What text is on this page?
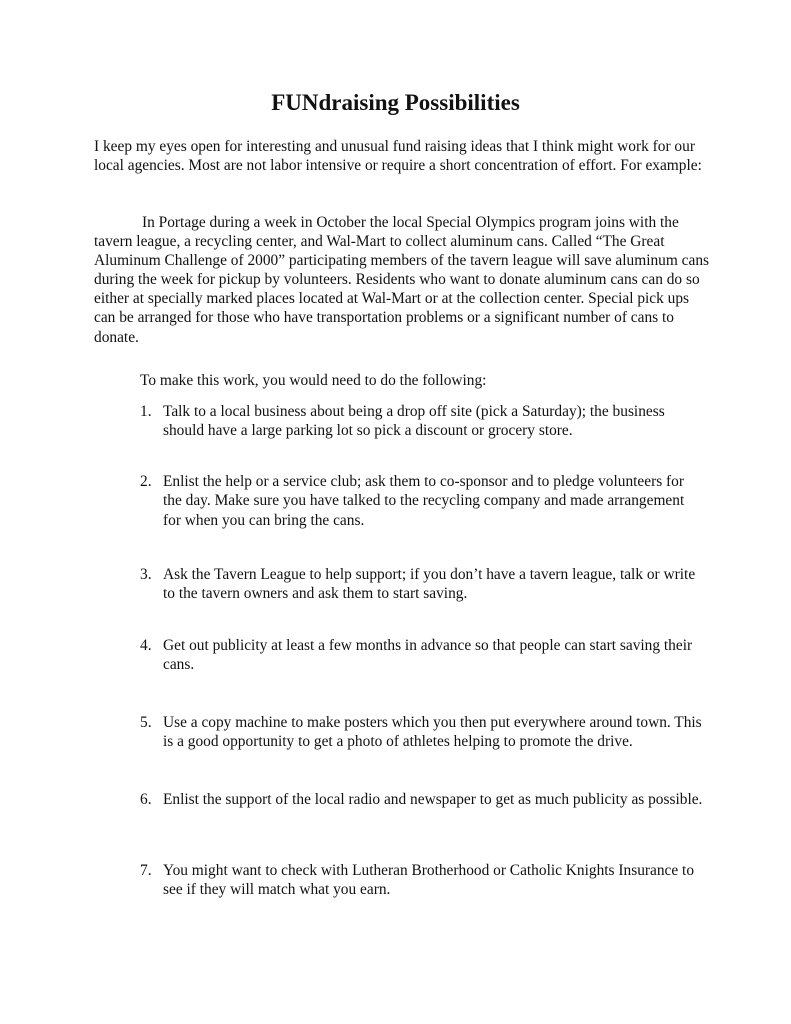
FUNdraising Possibilities

I keep my eyes open for interesting and unusual fund raising ideas that I think might work for our local agencies. Most are not labor intensive or require a short concentration of effort. For example:

In Portage during a week in October the local Special Olympics program joins with the tavern league, a recycling center, and Wal-Mart to collect aluminum cans. Called “The Great Aluminum Challenge of 2000” participating members of the tavern league will save aluminum cans during the week for pickup by volunteers. Residents who want to donate aluminum cans can do so either at specially marked places located at Wal-Mart or at the collection center. Special pick ups can be arranged for those who have transportation problems or a significant number of cans to donate.

To make this work, you would need to do the following:

1. Talk to a local business about being a drop off site (pick a Saturday); the business should have a large parking lot so pick a discount or grocery store.
2. Enlist the help or a service club; ask them to co-sponsor and to pledge volunteers for the day. Make sure you have talked to the recycling company and made arrangement for when you can bring the cans.
3. Ask the Tavern League to help support; if you don’t have a tavern league, talk or write to the tavern owners and ask them to start saving.
4. Get out publicity at least a few months in advance so that people can start saving their cans.
5. Use a copy machine to make posters which you then put everywhere around town. This is a good opportunity to get a photo of athletes helping to promote the drive.
6. Enlist the support of the local radio and newspaper to get as much publicity as possible.
7. You might want to check with Lutheran Brotherhood or Catholic Knights Insurance to see if they will match what you earn.
